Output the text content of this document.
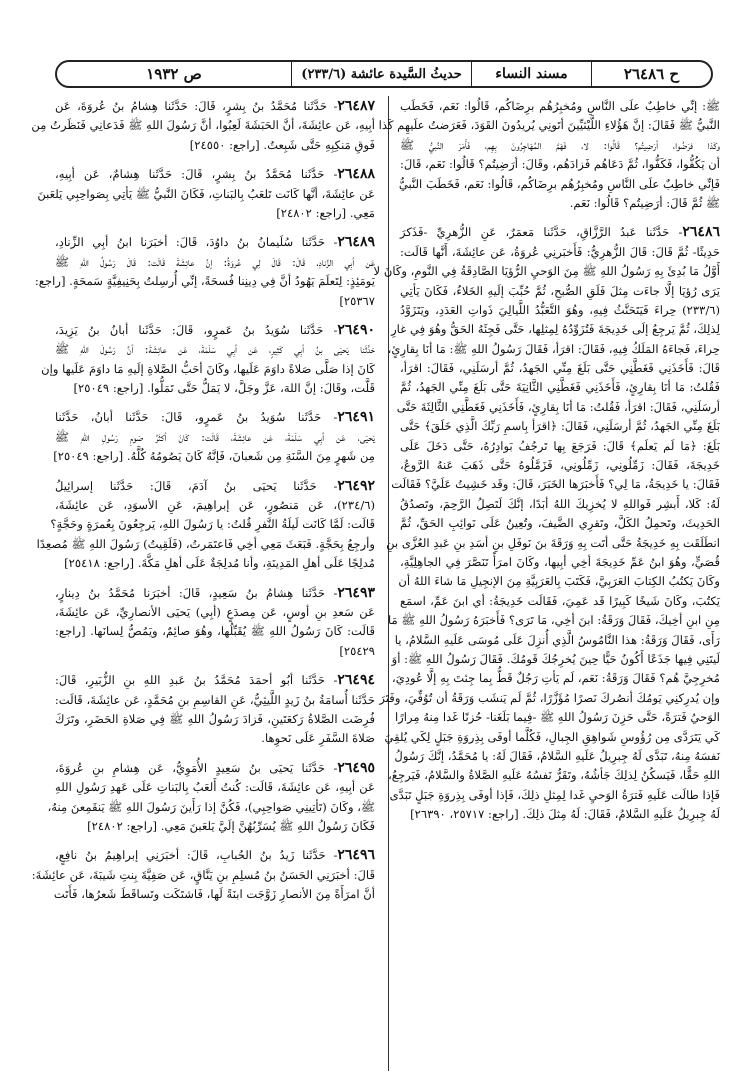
ح ٢٦٤٨٦
مسند النساء
حديثُ السَّيدة عائشة (٢٣٣/٦)
ص ١٩٣٢
ﷺ: إنِّي خاطِبٌ علَى النَّاسِ ومُخبِرُهُم برِضَاكُم، قَالُوا: نَعَم، فَخَطَب
النَّبيُّ ﷺ فَقَالَ: إنَّ هَؤُلاءِ اللَّيْثيِّينَ أتَونِي يُريدُونَ القَوَدَ، فَعَرَضتُ علَيهِم كَذا
وكَذا فرَضُوا، أرَضِيتُم؟ قَالُوا: لا، فَهَمَّ المُهَاجِرُونَ بِهِم، فَأَمَرَ النَّبيُّ ﷺ
أن يَكُفُّوا، فَكَفُّوا، ثُمَّ دَعَاهُم فَزادَهُم، وقَالَ: أرَضِيتُم؟ قَالُوا: نَعَم، قَالَ:
فَإنِّي خاطِبٌ علَى النَّاسِ ومُخبِرُهُم برِضَاكُم، قَالُوا: نَعَم، فَخَطَبَ النَّبيُّ
ﷺ ثُمَّ قَالَ: أرَضِيتُم؟ قَالُوا: نَعَم.
٢٦٤٨٦- حَدَّثَنا عَبدُ الرَّزَّاقِ، حَدَّثَنا مَعمَرٌ، عَنِ الزُّهرِيِّ -فَذَكرَ
حَدِيثًا- ثُمَّ قَالَ: قَالَ الزُّهرِيُّ: فَأَخبَرنِي عُروَةُ، عَن عائِشَةَ، أَنَّها قَالَت:
أَوَّلُ مَا بُدِئَ بِهِ رَسُولُ اللهِ ﷺ مِنَ الوَحيِ الرُّؤيَا الصَّادِقَةُ فِي النَّومِ، وكَانَ لا
يَرَى رُؤيَا إلَّا جاءَت مِثلَ فَلَقِ الصُّبحِ، ثُمَّ حُبِّبَ إلَيهِ الخَلاءُ، فَكَانَ يَأتِي
(٢٣٣/٦) حِراءَ فَيَتَحَنَّثُ فِيهِ، وهُوَ التَّعَبُّدُ اللَّيالِيَ ذَواتِ العَدَدِ، ويَتَزَوَّدُ
لِذلِكَ، ثُمَّ يَرجِعُ إلَى خَدِيجَةَ فَتُزَوِّدُهُ لِمِثلِها، حَتَّى فَجِئَهُ الحَقُّ وهُوَ فِي غارِ
حِراءَ، فَجاءَهُ المَلَكُ فِيهِ، فَقَالَ: اقرَأ، فَقَالَ رَسُولُ اللهِ ﷺ: مَا أنَا بِقارِئٍ،
قَالَ: فَأَخَذَنِي فَغَطَّنِي حَتَّى بَلَغَ مِنِّي الجَهدُ، ثُمَّ أرسَلَنِي، فَقَالَ: اقرَأ،
فَقُلتُ: مَا أنَا بِقارِئٍ، فَأَخَذَنِي فَغَطَّنِي الثَّانِيَةَ حَتَّى بَلَغَ مِنِّي الجَهدُ، ثُمَّ
أرسَلَنِي، فَقَالَ: اقرَأ، فَقُلتُ: مَا أنَا بِقارِئٍ، فَأَخَذَنِي فَغَطَّنِي الثَّالِثَةَ حَتَّى
بَلَغَ مِنِّي الجَهدُ، ثُمَّ أرسَلَنِي، فَقَالَ: ﴿اقرَأ بِاسمِ رَبِّكَ الَّذِي خَلَقَ﴾ حَتَّى
بَلَغَ: ﴿مَا لَم يَعلَم﴾ قَالَ: فَرَجَعَ بِها تَرجُفُ بَوادِرُهُ، حَتَّى دَخَلَ عَلَى
خَدِيجَةَ، فَقَالَ: زَمِّلُونِي، زَمِّلُونِي، فَزَمَّلُوهُ حَتَّى ذَهَبَ عَنهُ الرَّوعُ،
فَقَالَ: يا خَدِيجَةُ، مَا لِي؟ فَأَخبَرَها الخَبَرَ، قَالَ: وقَد خَشِيتُ عَلَيَّ؟ فَقَالَت
لَهُ: كَلا، أَبشِر فَواللهِ لا يُخزِيكَ اللهُ أبَدًا، إنَّكَ لَتَصِلُ الرَّحِمَ، وتَصدُقُ
الحَدِيثَ، وتَحمِلُ الكَلَّ، وتَقرِي الضَّيفَ، وتُعِينُ عَلَى نَوائِبِ الحَقِّ، ثُمَّ
انطَلَقَت بِهِ خَدِيجَةُ حَتَّى أتَت بِهِ وَرَقَةَ بنَ نَوفَلِ بنِ أسَدِ بنِ عَبدِ العُزَّى بنِ
قُصَيٍّ، وهُوَ ابنُ عَمِّ خَدِيجَةَ أخِي أبِيها، وكَانَ امرَأً تَنَصَّرَ فِي الجاهِلِيَّةِ،
وكَانَ يَكتُبُ الكِتابَ العَرَبِيَّ، فَكَتَبَ بِالعَرَبِيَّةِ مِنَ الإنجِيلِ مَا شاءَ اللهُ أن
يَكتُبَ، وكَانَ شَيخًا كَبِيرًا قَد عَمِيَ، فَقَالَت خَدِيجَةُ: أي ابنَ عَمِّ، اسمَع
مِنِ ابنِ أخِيكَ، فَقَالَ وَرَقَةُ: ابنَ أخِي، مَا تَرَى؟ فَأَخبَرَهُ رَسُولُ اللهِ ﷺ مَا
رَأَى، فَقَالَ وَرَقَةُ: هذا النَّامُوسُ الَّذِي أُنزِلَ عَلَى مُوسَى عَلَيهِ السَّلامُ، يا
لَيتَنِي فِيها جَذَعًا أَكُونُ حَيًّا حِينَ يُخرِجُكَ قَومُكَ. فَقَالَ رَسُولُ اللهِ ﷺ: أوَ
مُخرِجِيَّ هُم؟ فَقَالَ وَرَقَةُ: نَعَم، لَم يَأتِ رَجُلٌ قَطُّ بِما جِئتَ بِهِ إلَّا عُودِيَ،
وإن يُدرِكنِي يَومُكَ أنصُركَ نَصرًا مُؤَزَّرًا، ثُمَّ لَم يَنشَب وَرَقَةُ أن تُوُفِّيَ، وفَتَرَ
الوَحيُ فَترَةً، حَتَّى حَزِنَ رَسُولُ اللهِ ﷺ -فِيما بَلَغَنا- حُزنًا غَدا مِنهُ مِرارًا
كَي يَتَرَدَّى مِن رُؤُوسِ شَواهِقِ الجِبالِ، فَكُلَّما أوفَى بِذِروَةِ جَبَلٍ لِكَي يُلقِيَ
نَفسَهُ مِنهُ، تَبَدَّى لَهُ جِبرِيلُ عَلَيهِ السَّلامُ، فَقَالَ لَهُ: يا مُحَمَّدُ، إنَّكَ رَسُولُ
اللهِ حَقًّا، فَيَسكُنُ لِذلِكَ جَأشُهُ، وتَقَرُّ نَفسُهُ عَلَيهِ الصَّلاةُ والسَّلامُ، فَيَرجِعُ،
فَإذا طالَت عَلَيهِ فَترَةُ الوَحيِ غَدا لِمِثلِ ذلِكَ، فَإذا أوفَى بِذِروَةِ جَبَلٍ تَبَدَّى
لَهُ جِبرِيلُ عَلَيهِ السَّلامُ، فَقَالَ: لَهُ مِثلَ ذلِكَ. [راجع: ٢٥٧١٧، ٢٦٣٩٠]
٢٦٤٨٧- حَدَّثَنا مُحَمَّدُ بنُ بِشرٍ، قَالَ: حَدَّثَنا هِشامُ بنُ عُروَةَ، عَن
أبِيهِ، عَن عائِشَةَ، أنَّ الحَبَشَةَ لَعِبُوا، أنَّ رَسُولَ اللهِ ﷺ فَدَعانِي فَنَظَرتُ مِن
فَوقِ مَنكِبِهِ حَتَّى شَبِعتُ. [راجع: ٢٤٥٥٠]
٢٦٤٨٨- حَدَّثَنا مُحَمَّدُ بنُ بِشرٍ، قَالَ: حَدَّثَنا هِشامٌ، عَن أبِيهِ،
عَن عائِشَةَ، أنَّها كَانَت تَلعَبُ بِالبَناتِ، فَكَانَ النَّبيُّ ﷺ يَأتِي بِصَواحِبِي يَلعَبنَ
مَعِي. [راجع: ٢٤٨٠٢]
٢٦٤٨٩- حَدَّثَنا سُلَيمانُ بنُ داوُدَ، قَالَ: أخبَرَنا ابنُ أبِي الزِّنادِ،
عَن أبِي الزِّنادِ، قَالَ: قَالَ لِي عُروَةُ: إنَّ عائِشَةَ قَالَت: قَالَ رَسُولُ اللهِ ﷺ
يَومَئِذٍ: لِتَعلَمَ يَهُودُ أنَّ فِي دِينِنا فُسحَةً، إنِّي أُرسِلتُ بِحَنِيفِيَّةٍ سَمحَةٍ. [راجع:
٢٥٣٦٧]
٢٦٤٩٠- حَدَّثَنا سُوَيدُ بنُ عَمرٍو، قَالَ: حَدَّثَنا أبانُ بنُ يَزِيدَ،
حَدَّثَنا يَحيَى بنُ أبِي كَثِيرٍ، عَن أبِي سَلَمَةَ، عَن عائِشَةَ: أنَّ رَسُولَ اللهِ ﷺ
كَانَ إذا صَلَّى صَلاةً داوَمَ عَلَيها، وكَانَ أحَبُّ الصَّلاةِ إلَيهِ مَا داوَمَ عَلَيها وإن
قَلَّت، وقَالَ: إنَّ اللهَ، عَزَّ وجَلَّ، لا يَمَلُّ حَتَّى تَمَلُّوا. [راجع: ٢٥٠٤٩]
٢٦٤٩١- حَدَّثَنا سُوَيدُ بنُ عَمرٍو، قَالَ: حَدَّثَنا أبانُ، حَدَّثَنا
يَحيَى، عَن أبِي سَلَمَةَ، عَن عائِشَةَ، قَالَت: كَانَ أكثَرُ صَومِ رَسُولِ اللهِ ﷺ
مِن شَهرٍ مِنَ السَّنَةِ مِن شَعبانَ، فَإنَّهُ كَانَ يَصُومُهُ كُلَّهُ. [راجع: ٢٥٠٤٩]
٢٦٤٩٢- حَدَّثَنا يَحيَى بنُ آدَمَ، قَالَ: حَدَّثَنا إسرائِيلُ
(٢٣٤/٦)، عَن مَنصُورٍ، عَن إبراهِيمَ، عَنِ الأسوَدِ، عَن عائِشَةَ،
قَالَت: لَمَّا كَانَت لَيلَةُ النَّفرِ قُلتُ: يا رَسُولَ اللهِ، يَرجِعُونَ بِعُمرَةٍ وحَجَّةٍ؟
وأرجِعُ بِحَجَّةٍ. فَبَعَثَ مَعِي أخِي فَاعتَمَرتُ، (فَلَقِيتُ) رَسُولَ اللهِ ﷺ مُصعِدًا
مُدلِجًا عَلَى أهلِ المَدِينَةِ، وأنا مُدلِجَةٌ عَلَى أهلِ مَكَّةَ. [راجع: ٢٥٤١٨]
٢٦٤٩٣- حَدَّثَنا هِشامُ بنُ سَعِيدٍ، قَالَ: أخبَرَنا مُحَمَّدُ بنُ دِينارٍ،
عَن سَعدِ بنِ أوسٍ، عَن مِصدَعٍ (أبِي) يَحيَى الأنصارِيِّ، عَن عائِشَةَ،
قَالَت: كَانَ رَسُولُ اللهِ ﷺ يُقَبِّلُها، وهُوَ صائِمٌ، ويَمُصُّ لِسانَها. [راجع:
٢٥٤٢٩]
٢٦٤٩٤- حَدَّثَنا أبُو أحمَدَ مُحَمَّدُ بنُ عَبدِ اللهِ بنِ الزُّبَيرِ، قَالَ:
حَدَّثَنا أُسامَةُ بنُ زَيدٍ اللَّيثِيُّ، عَنِ القاسِمِ بنِ مُحَمَّدٍ، عَن عائِشَةَ، قَالَت:
فُرِضَت الصَّلاةُ رَكعَتَينِ، فَزادَ رَسُولُ اللهِ ﷺ فِي صَلاةِ الحَضَرِ، وتَرَكَ
صَلاةَ السَّفَرِ عَلَى نَحوِها.
٢٦٤٩٥- حَدَّثَنا يَحيَى بنُ سَعِيدٍ الأُمَوِيُّ، عَن هِشامِ بنِ عُروَةَ،
عَن أبِيهِ، عَن عائِشَةَ، قَالَت: كُنتُ أَلعَبُ بِالبَناتِ عَلَى عَهدِ رَسُولِ اللهِ
ﷺ، وكَانَ (تَأتِينِي صَواحِبِي)، فَكُنَّ إذا رَأَينَ رَسُولَ اللهِ ﷺ يَنقَمِعنَ مِنهُ،
فَكَانَ رَسُولُ اللهِ ﷺ يُسَرِّبُهُنَّ إلَيَّ يَلعَبنَ مَعِي. [راجع: ٢٤٨٠٢]
٢٦٤٩٦- حَدَّثَنا زَيدُ بنُ الحُبابِ، قَالَ: أخبَرَنِي إبراهِيمُ بنُ نافِعٍ،
قَالَ: أخبَرَنِي الحَسَنُ بنُ مُسلِمِ بنِ يَنَّاقٍ، عَن صَفِيَّةَ بِنتِ شَيبَةَ، عَن عائِشَةَ:
أنَّ امرَأَةً مِنَ الأنصارِ زَوَّجَت ابنَةً لَها، فَاشتَكَت وتَساقَطَ شَعرُها، فَأَتَت
